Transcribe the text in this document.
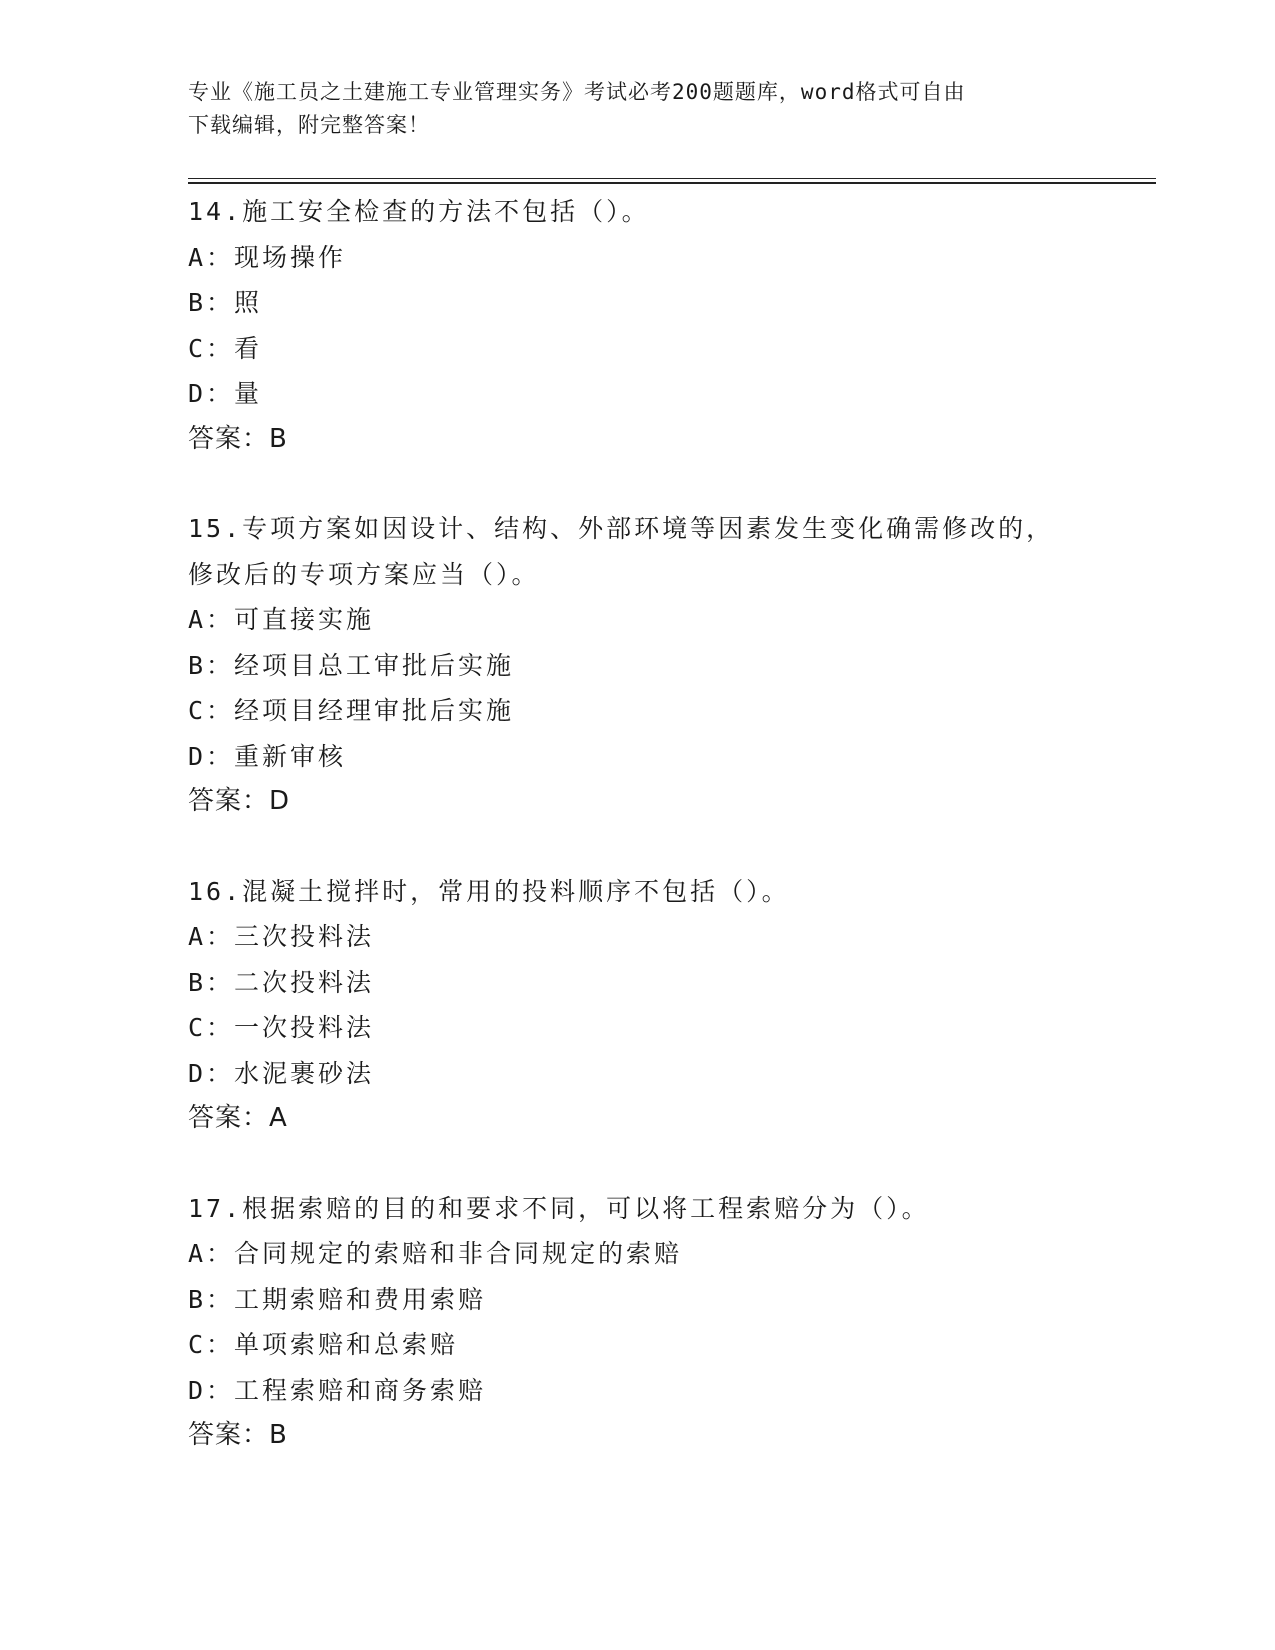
专业《施工员之土建施工专业管理实务》考试必考200题题库，word格式可自由
下载编辑，附完整答案！
14.施工安全检查的方法不包括（）。
A：现场操作
B：照
C：看
D：量
答案：B
15.专项方案如因设计、结构、外部环境等因素发生变化确需修改的，
修改后的专项方案应当（）。
A：可直接实施
B：经项目总工审批后实施
C：经项目经理审批后实施
D：重新审核
答案：D
16.混凝土搅拌时，常用的投料顺序不包括（）。
A：三次投料法
B：二次投料法
C：一次投料法
D：水泥裹砂法
答案：A
17.根据索赔的目的和要求不同，可以将工程索赔分为（）。
A：合同规定的索赔和非合同规定的索赔
B：工期索赔和费用索赔
C：单项索赔和总索赔
D：工程索赔和商务索赔
答案：B
